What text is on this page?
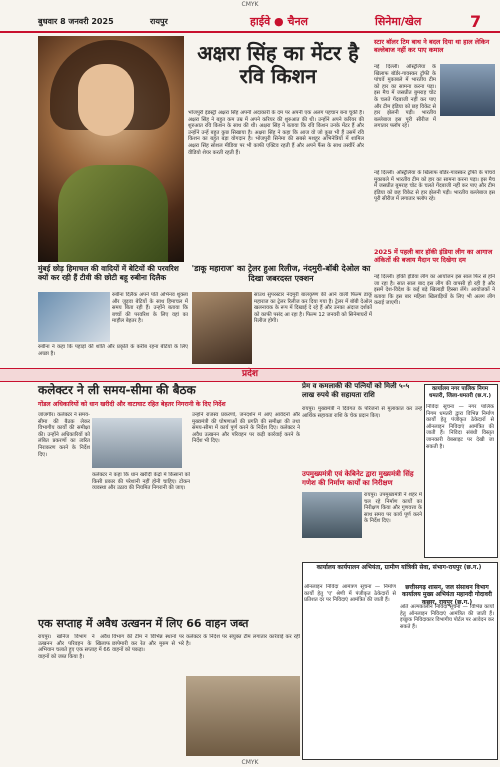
CMYK
बुधवार 8 जनवरी 2025	रायपुर	हाईवे ● चैनल	सिनेमा/खेल	7
अक्षरा सिंह का मेंटर है रवि किशन
भोजपुरी इंडस्ट्री अक्षरा सिंह अपनी अदाकारी के दम पर अपनी एक अलग पहचान बना चुकी हैं। अक्षरा सिंह ने बहुत कम उम्र में अपने करियर की शुरुआत की थी। उन्होंने अपने करियर की शुरुआत रवि किशन के साथ की थी। अक्षरा सिंह ने बताया कि रवि किशन उनके मेंटर हैं और उन्होंने उन्हें बहुत कुछ सिखाया है। अक्षरा सिंह ने कहा कि आज वो जो कुछ भी हैं उसमें रवि किशन का बहुत बड़ा योगदान है। भोजपुरी सिनेमा की सबसे मशहूर अभिनेत्रियों में शामिल अक्षरा सिंह सोशल मीडिया पर भी काफी एक्टिव रहती हैं और अपने फैंस के साथ तस्वीरें और वीडियो शेयर करती रहती हैं।
स्टार बॉलर टिम बाथ ने बदल दिया था हाल लेकिन बल्लेबाज नहीं कर पाए कमाल
नई दिल्ली। ऑस्ट्रेलिया के खिलाफ बॉर्डर-गावस्कर ट्रॉफी के पांचवें मुकाबले में भारतीय टीम को हार का सामना करना पड़ा। इस मैच में जसप्रीत बुमराह चोट के चलते गेंदबाजी नहीं कर पाए और टीम इंडिया को छह विकेट से हार झेलनी पड़ी। भारतीय बल्लेबाज इस पूरी सीरीज में लगातार फ्लॉप रहे।
नई दिल्ली। ऑस्ट्रेलिया के खिलाफ बॉर्डर-गावस्कर ट्रॉफी के पांचवें मुकाबले में भारतीय टीम को हार का सामना करना पड़ा। इस मैच में जसप्रीत बुमराह चोट के चलते गेंदबाजी नहीं कर पाए और टीम इंडिया को छह विकेट से हार झेलनी पड़ी। भारतीय बल्लेबाज इस पूरी सीरीज में लगातार फ्लॉप रहे।
2025 में पहली बार हॉकी इंडिया लीग का आगाज अंकितों की बजाय मैदान पर दिखेगा दम
नई दिल्ली। हॉकी इंडिया लीग का आयोजन इस साल फिर से होने जा रहा है। सात साल बाद इस लीग की वापसी हो रही है और इसमें देश-विदेश के कई बड़े खिलाड़ी हिस्सा लेंगे। आयोजकों ने बताया कि इस बार महिला खिलाड़ियों के लिए भी अलग लीग कराई जाएगी।
मुंबई छोड़ हिमाचल की वादियों में बेटियों की परवरिश क्यों कर रही हैं टीवी की छोटी बहू रुबीना दिलैक
रुबीना दिलैक अपने पति अभिनव शुक्ला और जुड़वा बेटियों के साथ हिमाचल में समय बिता रही हैं। उन्होंने बताया कि बच्चों की परवरिश के लिए वहां का माहौल बेहतर है।
रुबीना ने कहा कि पहाड़ों की शांति और प्रकृति के करीब रहना बेटियों के लिए अच्छा है।
'डाकू महाराज' का ट्रेलर हुआ रिलीज, नंदमुरी-बॉबी देओल का दिखा जबरदस्त एक्शन
साउथ सुपरस्टार नंदमुरी बालकृष्ण की आने वाली फिल्म डाकू महाराज का ट्रेलर रिलीज कर दिया गया है। ट्रेलर में बॉबी देओल खलनायक के रूप में दिखाई दे रहे हैं और उनका अंदाज दर्शकों को काफी पसंद आ रहा है। फिल्म 12 जनवरी को सिनेमाघरों में रिलीज होगी।
प्रदेश
कलेक्टर ने ली समय-सीमा की बैठक
गोंडल अधिकारियों को धान खरीदी और वाटाघाट रहित बेहतर निगरानी के दिए निर्देश
जांजगीर। कलेक्टर ने समय-सीमा की बैठक लेकर विभागीय कार्यों की समीक्षा की। उन्होंने अधिकारियों को लंबित प्रकरणों का त्वरित निराकरण करने के निर्देश दिए।
कलेक्टर ने कहा कि धान खरीदी केंद्रों में किसानों को किसी प्रकार की परेशानी नहीं होनी चाहिए। टोकन व्यवस्था और उठाव की नियमित निगरानी की जाए।
उन्होंने राजस्व प्रकरणों, जनदर्शन में आए आवेदनों और मुख्यमंत्री की घोषणाओं की प्रगति की समीक्षा की तथा समय-सीमा में कार्य पूर्ण करने के निर्देश दिए। कलेक्टर ने अवैध उत्खनन और परिवहन पर कड़ी कार्रवाई करने के निर्देश भी दिए।
एक सप्ताह में अवैध उत्खनन में लिए 66 वाहन जब्त
रायपुर। खनिज विभाग ने अवैध उत्खनन और परिवहन के खिलाफ अभियान चलाते हुए एक सप्ताह में 66 वाहनों को जब्त किया है।
विभाग की टीम ने विभिन्न स्थानों पर छापेमारी कर रेत और मुरुम से भरे वाहनों को पकड़ा।
कलेक्टर के निर्देश पर संयुक्त टीम लगातार कार्रवाई कर रही है।
प्रेम व कमलाकी की पत्नियों को मिली ५-५ लाख रुपये की सहायता राशि
रायपुर। मुख्यमंत्री ने दिवंगत के परिजनों से मुलाकात कर उन्हें आर्थिक सहायता राशि के चेक प्रदान किए।
उपमुख्यमंत्री एवं केबिनेट द्वारा मुख्यमंत्री सिंह गणेश की निर्माण कार्यों का निरीक्षण
रायपुर। उपमुख्यमंत्री ने शहर में चल रहे निर्माण कार्यों का निरीक्षण किया और गुणवत्ता के साथ समय पर कार्य पूर्ण करने के निर्देश दिए।
कार्यालय नगर पालिक निगम धमतरी, जिला-धमतरी (छ.ग.)
निविदा सूचना — नगर पालिक निगम धमतरी द्वारा विभिन्न निर्माण कार्यों हेतु पंजीकृत ठेकेदारों से ऑनलाइन निविदाएं आमंत्रित की जाती हैं। निविदा संबंधी विस्तृत जानकारी वेबसाइट पर देखी जा सकती है।
कार्यालय कार्यपालन अभियंता, ग्रामीण यांत्रिकी सेवा, संभाग-रायपुर (छ.ग.)
ऑनलाइन निविदा आमंत्रण सूचना — निर्माण कार्यों हेतु 'ए' श्रेणी में पंजीकृत ठेकेदारों से प्रतिशत दर पर निविदाएं आमंत्रित की जाती हैं।
छत्तीसगढ़ शासन, जल संसाधन विभाग कार्यालय मुख्य अभियंता महानदी गोदावरी कछार, रायपुर (छ.ग.)
अति अल्पकालीन निविदा सूचना — विभिन्न कार्यों हेतु ऑनलाइन निविदाएं आमंत्रित की जाती हैं। इच्छुक निविदाकार विभागीय पोर्टल पर आवेदन कर सकते हैं।
CMYK
